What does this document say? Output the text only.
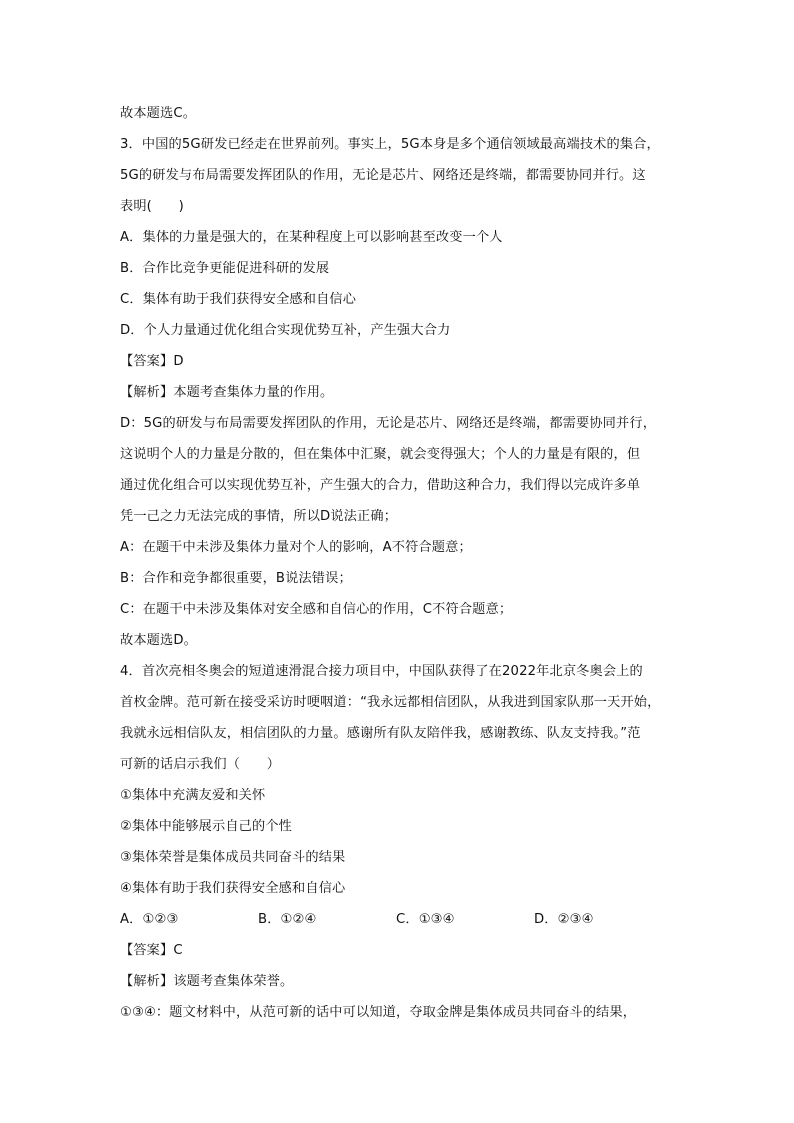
故本题选C。
3．中国的5G研发已经走在世界前列。事实上，5G本身是多个通信领域最高端技术的集合，
5G的研发与布局需要发挥团队的作用，无论是芯片、网络还是终端，都需要协同并行。这
表明(　　)
A．集体的力量是强大的，在某种程度上可以影响甚至改变一个人
B．合作比竞争更能促进科研的发展
C．集体有助于我们获得安全感和自信心
D．个人力量通过优化组合实现优势互补，产生强大合力
【答案】D
【解析】本题考查集体力量的作用。
D：5G的研发与布局需要发挥团队的作用，无论是芯片、网络还是终端，都需要协同并行，
这说明个人的力量是分散的，但在集体中汇聚，就会变得强大；个人的力量是有限的，但
通过优化组合可以实现优势互补，产生强大的合力，借助这种合力，我们得以完成许多单
凭一己之力无法完成的事情，所以D说法正确；
A：在题干中未涉及集体力量对个人的影响，A不符合题意；
B：合作和竞争都很重要，B说法错误；
C：在题干中未涉及集体对安全感和自信心的作用，C不符合题意；
故本题选D。
4．首次亮相冬奥会的短道速滑混合接力项目中，中国队获得了在2022年北京冬奥会上的
首枚金牌。范可新在接受采访时哽咽道：“我永远都相信团队，从我进到国家队那一天开始，
我就永远相信队友，相信团队的力量。感谢所有队友陪伴我，感谢教练、队友支持我。”范
可新的话启示我们（　　）
①集体中充满友爱和关怀
②集体中能够展示自己的个性
③集体荣誉是集体成员共同奋斗的结果
④集体有助于我们获得安全感和自信心
A．①②③	B．①②④	C．①③④	D．②③④
【答案】C
【解析】该题考查集体荣誉。
①③④：题文材料中，从范可新的话中可以知道，夺取金牌是集体成员共同奋斗的结果，
